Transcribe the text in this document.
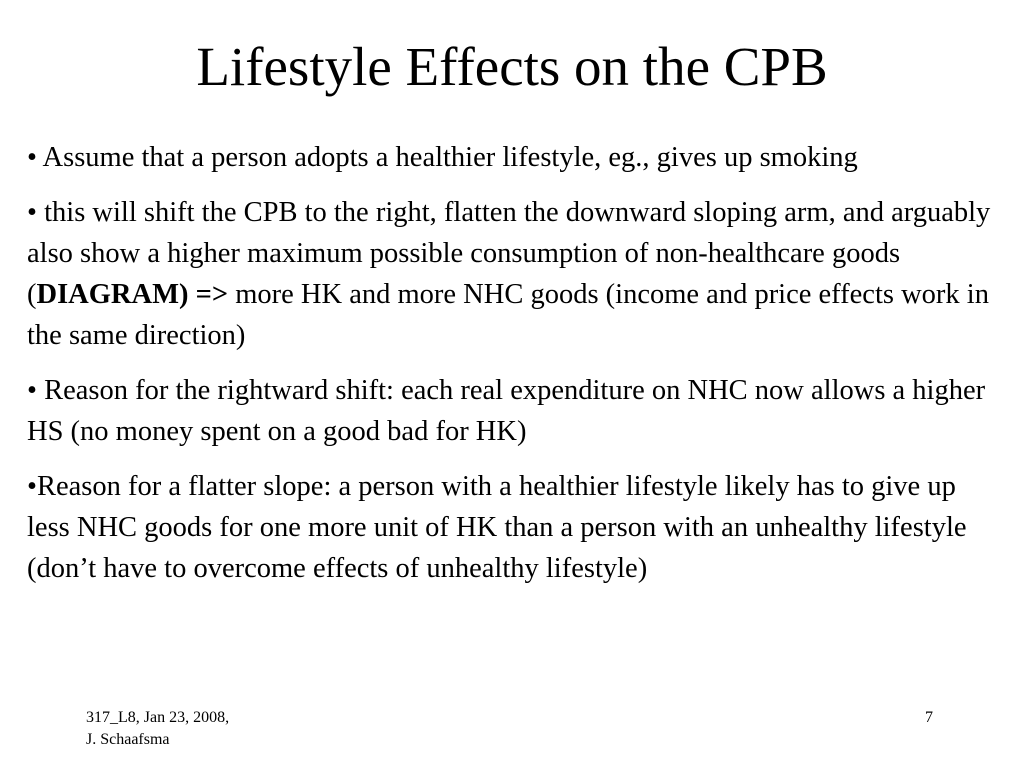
Lifestyle Effects on the CPB

• Assume that a person adopts a healthier lifestyle, eg., gives up smoking

• this will shift the CPB to the right, flatten the downward sloping arm, and arguably also show a higher maximum possible consumption of non-healthcare goods (DIAGRAM) => more HK and more NHC goods (income and price effects work in the same direction)

• Reason for the rightward shift: each real expenditure on NHC now allows a higher HS (no money spent on a good bad for HK)

•Reason for a flatter slope: a person with a healthier lifestyle likely has to give up less NHC goods for one more unit of HK than a person with an unhealthy lifestyle (don’t have to overcome effects of unhealthy lifestyle)

317_L8, Jan 23, 2008,
J. Schaafsma
7
